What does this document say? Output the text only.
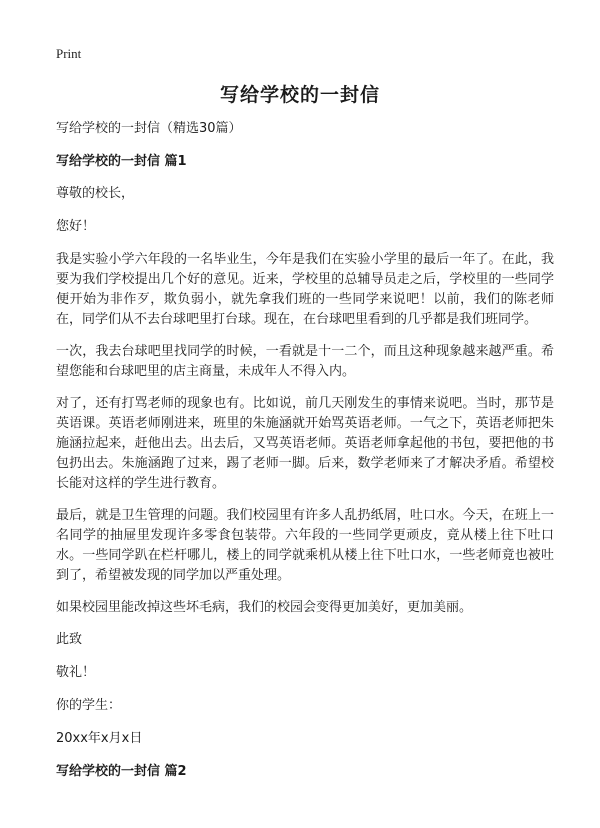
Print
写给学校的一封信

写给学校的一封信（精选30篇）

写给学校的一封信 篇1

尊敬的校长，

您好！

我是实验小学六年段的一名毕业生，今年是我们在实验小学里的最后一年了。在此，我要为我们学校提出几个好的意见。近来，学校里的总辅导员走之后，学校里的一些同学便开始为非作歹，欺负弱小，就先拿我们班的一些同学来说吧！以前，我们的陈老师在，同学们从不去台球吧里打台球。现在，在台球吧里看到的几乎都是我们班同学。

一次，我去台球吧里找同学的时候，一看就是十一二个，而且这种现象越来越严重。希望您能和台球吧里的店主商量，未成年人不得入内。

对了，还有打骂老师的现象也有。比如说，前几天刚发生的事情来说吧。当时，那节是英语课。英语老师刚进来，班里的朱施涵就开始骂英语老师。一气之下，英语老师把朱施涵拉起来，赶他出去。出去后，又骂英语老师。英语老师拿起他的书包，要把他的书包扔出去。朱施涵跑了过来，踢了老师一脚。后来，数学老师来了才解决矛盾。希望校长能对这样的学生进行教育。

最后，就是卫生管理的问题。我们校园里有许多人乱扔纸屑，吐口水。今天，在班上一名同学的抽屉里发现许多零食包装带。六年段的一些同学更顽皮，竟从楼上往下吐口水。一些同学趴在栏杆哪儿，楼上的同学就乘机从楼上往下吐口水，一些老师竟也被吐到了，希望被发现的同学加以严重处理。

如果校园里能改掉这些坏毛病，我们的校园会变得更加美好，更加美丽。

此致

敬礼！

你的学生：

20xx年x月x日

写给学校的一封信 篇2
